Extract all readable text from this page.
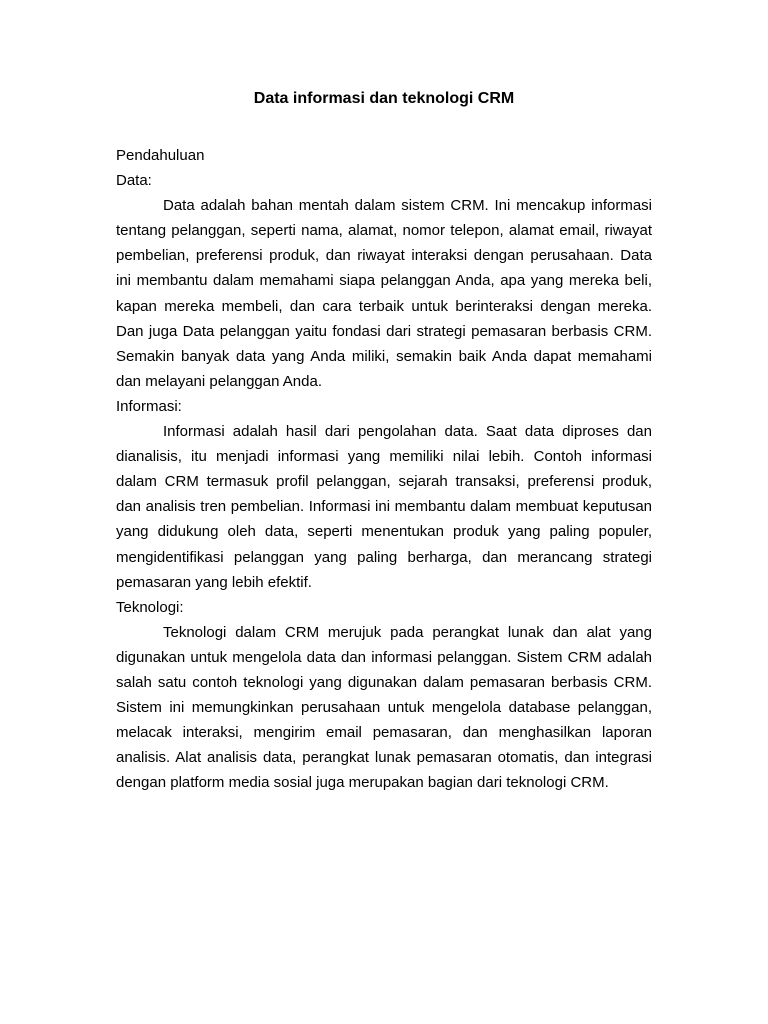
Data informasi dan teknologi CRM

Pendahuluan

Data:

Data adalah bahan mentah dalam sistem CRM. Ini mencakup informasi tentang pelanggan, seperti nama, alamat, nomor telepon, alamat email, riwayat pembelian, preferensi produk, dan riwayat interaksi dengan perusahaan. Data ini membantu dalam memahami siapa pelanggan Anda, apa yang mereka beli, kapan mereka membeli, dan cara terbaik untuk berinteraksi dengan mereka. Dan juga Data pelanggan yaitu fondasi dari strategi pemasaran berbasis CRM. Semakin banyak data yang Anda miliki, semakin baik Anda dapat memahami dan melayani pelanggan Anda.

Informasi:

Informasi adalah hasil dari pengolahan data. Saat data diproses dan dianalisis, itu menjadi informasi yang memiliki nilai lebih. Contoh informasi dalam CRM termasuk profil pelanggan, sejarah transaksi, preferensi produk, dan analisis tren pembelian. Informasi ini membantu dalam membuat keputusan yang didukung oleh data, seperti menentukan produk yang paling populer, mengidentifikasi pelanggan yang paling berharga, dan merancang strategi pemasaran yang lebih efektif.

Teknologi:

Teknologi dalam CRM merujuk pada perangkat lunak dan alat yang digunakan untuk mengelola data dan informasi pelanggan. Sistem CRM adalah salah satu contoh teknologi yang digunakan dalam pemasaran berbasis CRM. Sistem ini memungkinkan perusahaan untuk mengelola database pelanggan, melacak interaksi, mengirim email pemasaran, dan menghasilkan laporan analisis. Alat analisis data, perangkat lunak pemasaran otomatis, dan integrasi dengan platform media sosial juga merupakan bagian dari teknologi CRM.
